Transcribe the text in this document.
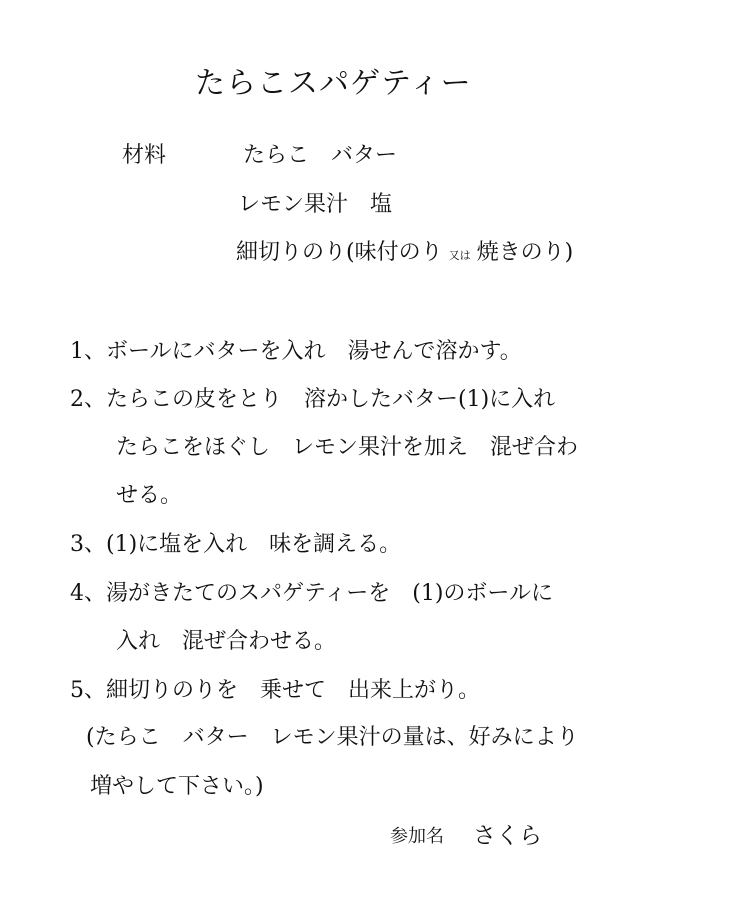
たらこスパゲティー
材料	たらこ　バター
レモン果汁　塩
細切りのり(味付のり 又は 焼きのり)
1、ボールにバターを入れ　湯せんで溶かす。
2、たらこの皮をとり　溶かしたバター(1)に入れ
たらこをほぐし　レモン果汁を加え　混ぜ合わ
せる。
3、(1)に塩を入れ　味を調える。
4、湯がきたてのスパゲティーを　(1)のボールに
入れ　混ぜ合わせる。
5、細切りのりを　乗せて　出来上がり。
(たらこ　バター　レモン果汁の量は、好みにより
増やして下さい。)
参加名 さくら
